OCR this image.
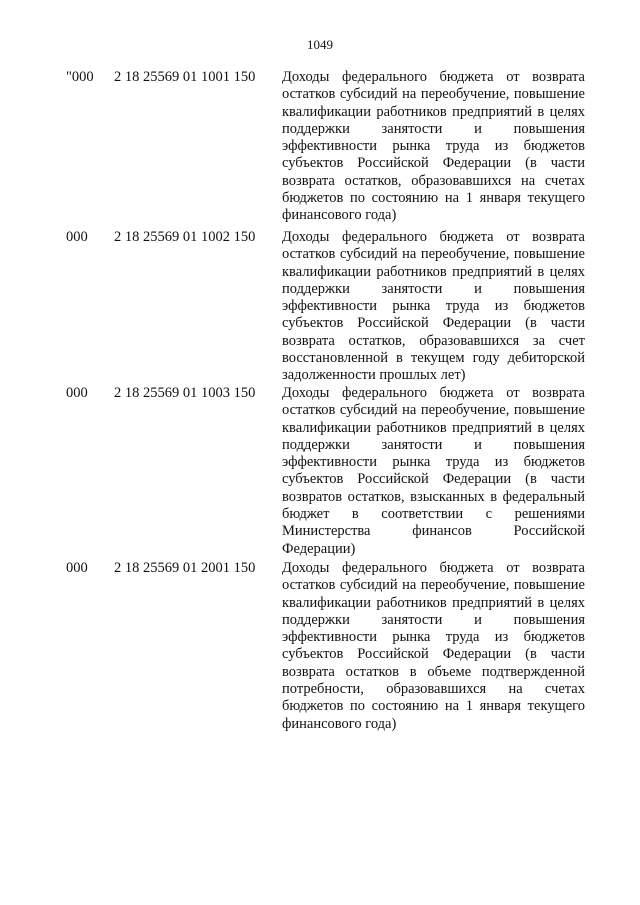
1049
"000 2 18 25569 01 1001 150 Доходы федерального бюджета от возврата остатков субсидий на переобучение, повышение квалификации работников предприятий в целях поддержки занятости и повышения эффективности рынка труда из бюджетов субъектов Российской Федерации (в части возврата остатков, образовавшихся на счетах бюджетов по состоянию на 1 января текущего финансового года)
000 2 18 25569 01 1002 150 Доходы федерального бюджета от возврата остатков субсидий на переобучение, повышение квалификации работников предприятий в целях поддержки занятости и повышения эффективности рынка труда из бюджетов субъектов Российской Федерации (в части возврата остатков, образовавшихся за счет восстановленной в текущем году дебиторской задолженности прошлых лет)
000 2 18 25569 01 1003 150 Доходы федерального бюджета от возврата остатков субсидий на переобучение, повышение квалификации работников предприятий в целях поддержки занятости и повышения эффективности рынка труда из бюджетов субъектов Российской Федерации (в части возвратов остатков, взысканных в федеральный бюджет в соответствии с решениями Министерства финансов Российской Федерации)
000 2 18 25569 01 2001 150 Доходы федерального бюджета от возврата остатков субсидий на переобучение, повышение квалификации работников предприятий в целях поддержки занятости и повышения эффективности рынка труда из бюджетов субъектов Российской Федерации (в части возврата остатков в объеме подтвержденной потребности, образовавшихся на счетах бюджетов по состоянию на 1 января текущего финансового года)
